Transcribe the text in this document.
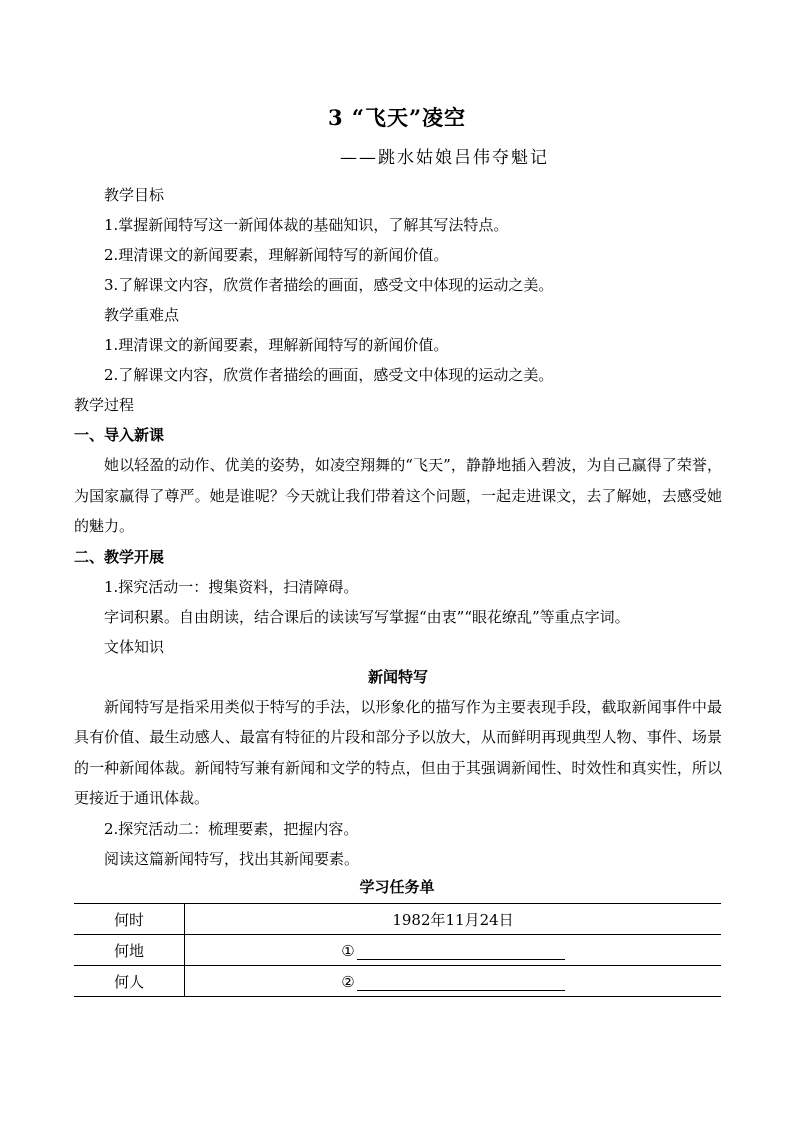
3 “飞天”凌空
——跳水姑娘吕伟夺魁记
教学目标
1.掌握新闻特写这一新闻体裁的基础知识，了解其写法特点。
2.理清课文的新闻要素，理解新闻特写的新闻价值。
3.了解课文内容，欣赏作者描绘的画面，感受文中体现的运动之美。
教学重难点
1.理清课文的新闻要素，理解新闻特写的新闻价值。
2.了解课文内容，欣赏作者描绘的画面，感受文中体现的运动之美。
教学过程
一、导入新课

她以轻盈的动作、优美的姿势，如凌空翔舞的“飞天”，静静地插入碧波，为自己赢得了荣誉，为国家赢得了尊严。她是谁呢？今天就让我们带着这个问题，一起走进课文，去了解她，去感受她的魅力。

二、教学开展
1.探究活动一：搜集资料，扫清障碍。
字词积累。自由朗读，结合课后的读读写写掌握“由衷”“眼花缭乱”等重点字词。
文体知识
新闻特写

新闻特写是指采用类似于特写的手法，以形象化的描写作为主要表现手段，截取新闻事件中最具有价值、最生动感人、最富有特征的片段和部分予以放大，从而鲜明再现典型人物、事件、场景的一种新闻体裁。新闻特写兼有新闻和文学的特点，但由于其强调新闻性、时效性和真实性，所以更接近于通讯体裁。

2.探究活动二：梳理要素，把握内容。
阅读这篇新闻特写，找出其新闻要素。
学习任务单
何时	1982年11月24日
何地	①
何人	②
